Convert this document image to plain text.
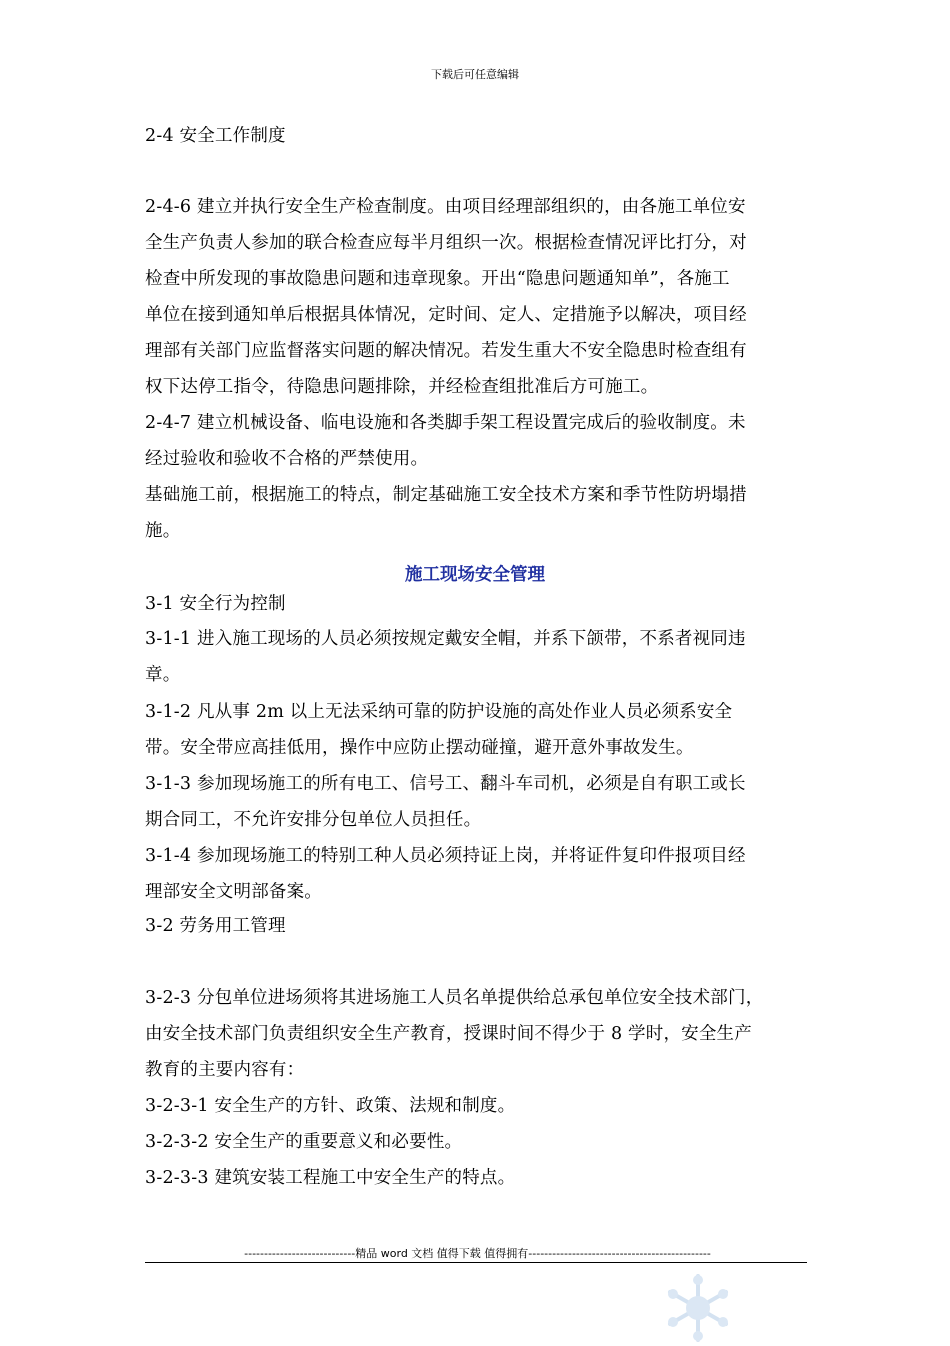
下载后可任意编辑
2-4 安全工作制度
2-4-6 建立并执行安全生产检查制度。由项目经理部组织的，由各施工单位安
全生产负责人参加的联合检查应每半月组织一次。根据检查情况评比打分，对
检查中所发现的事故隐患问题和违章现象。开出“隐患问题通知单”，各施工
单位在接到通知单后根据具体情况，定时间、定人、定措施予以解决，项目经
理部有关部门应监督落实问题的解决情况。若发生重大不安全隐患时检查组有
权下达停工指令，待隐患问题排除，并经检查组批准后方可施工。
2-4-7 建立机械设备、临电设施和各类脚手架工程设置完成后的验收制度。未
经过验收和验收不合格的严禁使用。
基础施工前，根据施工的特点，制定基础施工安全技术方案和季节性防坍塌措
施。
施工现场安全管理
3-1 安全行为控制
3-1-1 进入施工现场的人员必须按规定戴安全帽，并系下颌带，不系者视同违
章。
3-1-2 凡从事 2m 以上无法采纳可靠的防护设施的高处作业人员必须系安全
带。安全带应高挂低用，操作中应防止摆动碰撞，避开意外事故发生。
3-1-3 参加现场施工的所有电工、信号工、翻斗车司机，必须是自有职工或长
期合同工，不允许安排分包单位人员担任。
3-1-4 参加现场施工的特别工种人员必须持证上岗，并将证件复印件报项目经
理部安全文明部备案。
3-2 劳务用工管理
3-2-3 分包单位进场须将其进场施工人员名单提供给总承包单位安全技术部门，
由安全技术部门负责组织安全生产教育，授课时间不得少于 8 学时，安全生产
教育的主要内容有：
3-2-3-1 安全生产的方针、政策、法规和制度。
3-2-3-2 安全生产的重要意义和必要性。
3-2-3-3 建筑安装工程施工中安全生产的特点。
----------------------------精品 word 文档 值得下载 值得拥有----------------------------------------------
